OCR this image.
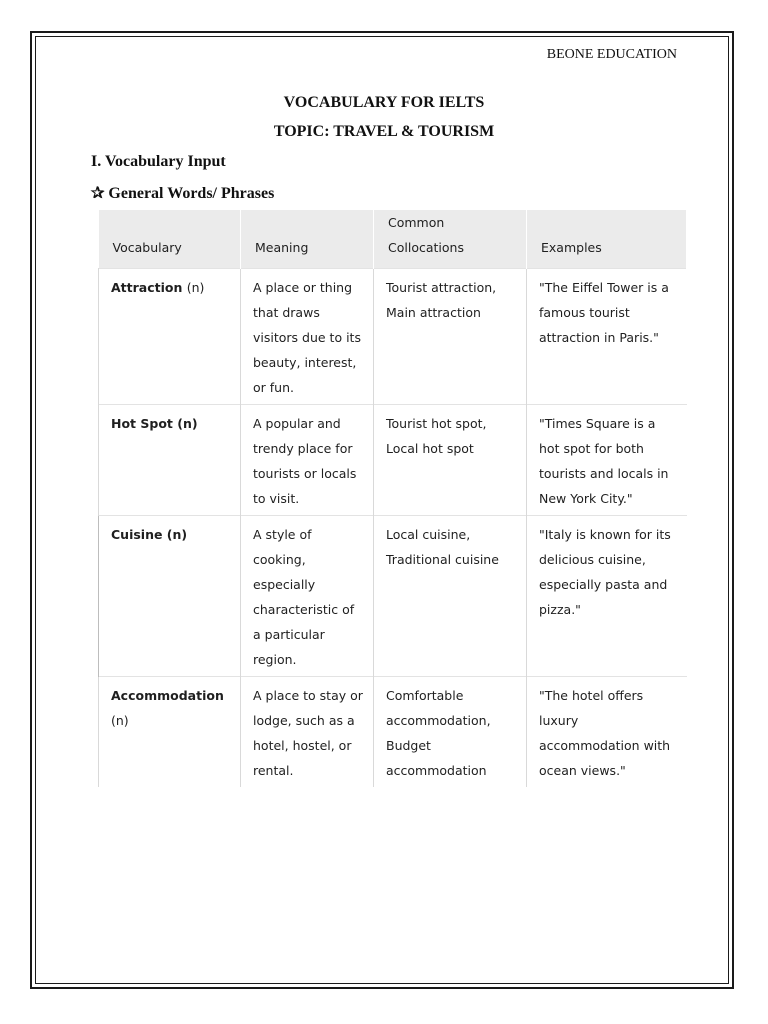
BEONE EDUCATION
VOCABULARY FOR IELTS
TOPIC: TRAVEL & TOURISM
I. Vocabulary Input
✰ General Words/ Phrases
Vocabulary	Meaning	Common Collocations	Examples
Attraction (n)	A place or thing that draws visitors due to its beauty, interest, or fun.	Tourist attraction, Main attraction	"The Eiffel Tower is a famous tourist attraction in Paris."
Hot Spot (n)	A popular and trendy place for tourists or locals to visit.	Tourist hot spot, Local hot spot	"Times Square is a hot spot for both tourists and locals in New York City."
Cuisine (n)	A style of cooking, especially characteristic of a particular region.	Local cuisine, Traditional cuisine	"Italy is known for its delicious cuisine, especially pasta and pizza."
Accommodation (n)	A place to stay or lodge, such as a hotel, hostel, or rental.	Comfortable accommodation, Budget accommodation	"The hotel offers luxury accommodation with ocean views."
